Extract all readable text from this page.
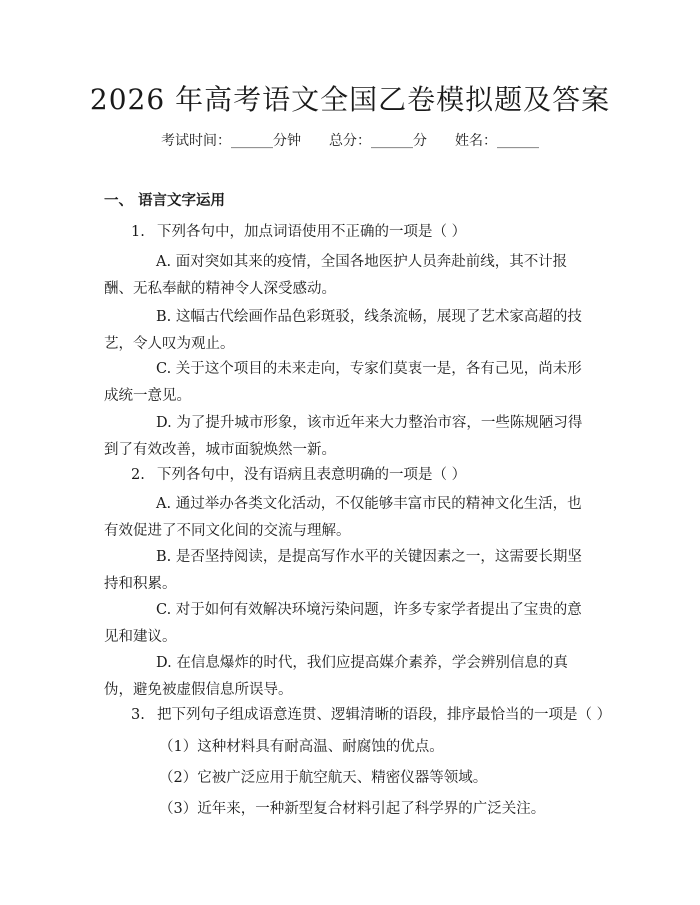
2026 年高考语文全国乙卷模拟题及答案
考试时间：______分钟 总分：______分 姓名：______
一、 语言文字运用
1. 下列各句中，加点词语使用不正确的一项是（ ）
A. 面对突如其来的疫情，全国各地医护人员奔赴前线，其不计报酬、无私奉献的精神令人深受感动。
B. 这幅古代绘画作品色彩斑驳，线条流畅，展现了艺术家高超的技艺，令人叹为观止。
C. 关于这个项目的未来走向，专家们莫衷一是，各有己见，尚未形成统一意见。
D. 为了提升城市形象，该市近年来大力整治市容，一些陈规陋习得到了有效改善，城市面貌焕然一新。
2. 下列各句中，没有语病且表意明确的一项是（ ）
A. 通过举办各类文化活动，不仅能够丰富市民的精神文化生活，也有效促进了不同文化间的交流与理解。
B. 是否坚持阅读，是提高写作水平的关键因素之一，这需要长期坚持和积累。
C. 对于如何有效解决环境污染问题，许多专家学者提出了宝贵的意见和建议。
D. 在信息爆炸的时代，我们应提高媒介素养，学会辨别信息的真伪，避免被虚假信息所误导。
3. 把下列句子组成语意连贯、逻辑清晰的语段，排序最恰当的一项是（ ）
（1）这种材料具有耐高温、耐腐蚀的优点。
（2）它被广泛应用于航空航天、精密仪器等领域。
（3）近年来，一种新型复合材料引起了科学界的广泛关注。
